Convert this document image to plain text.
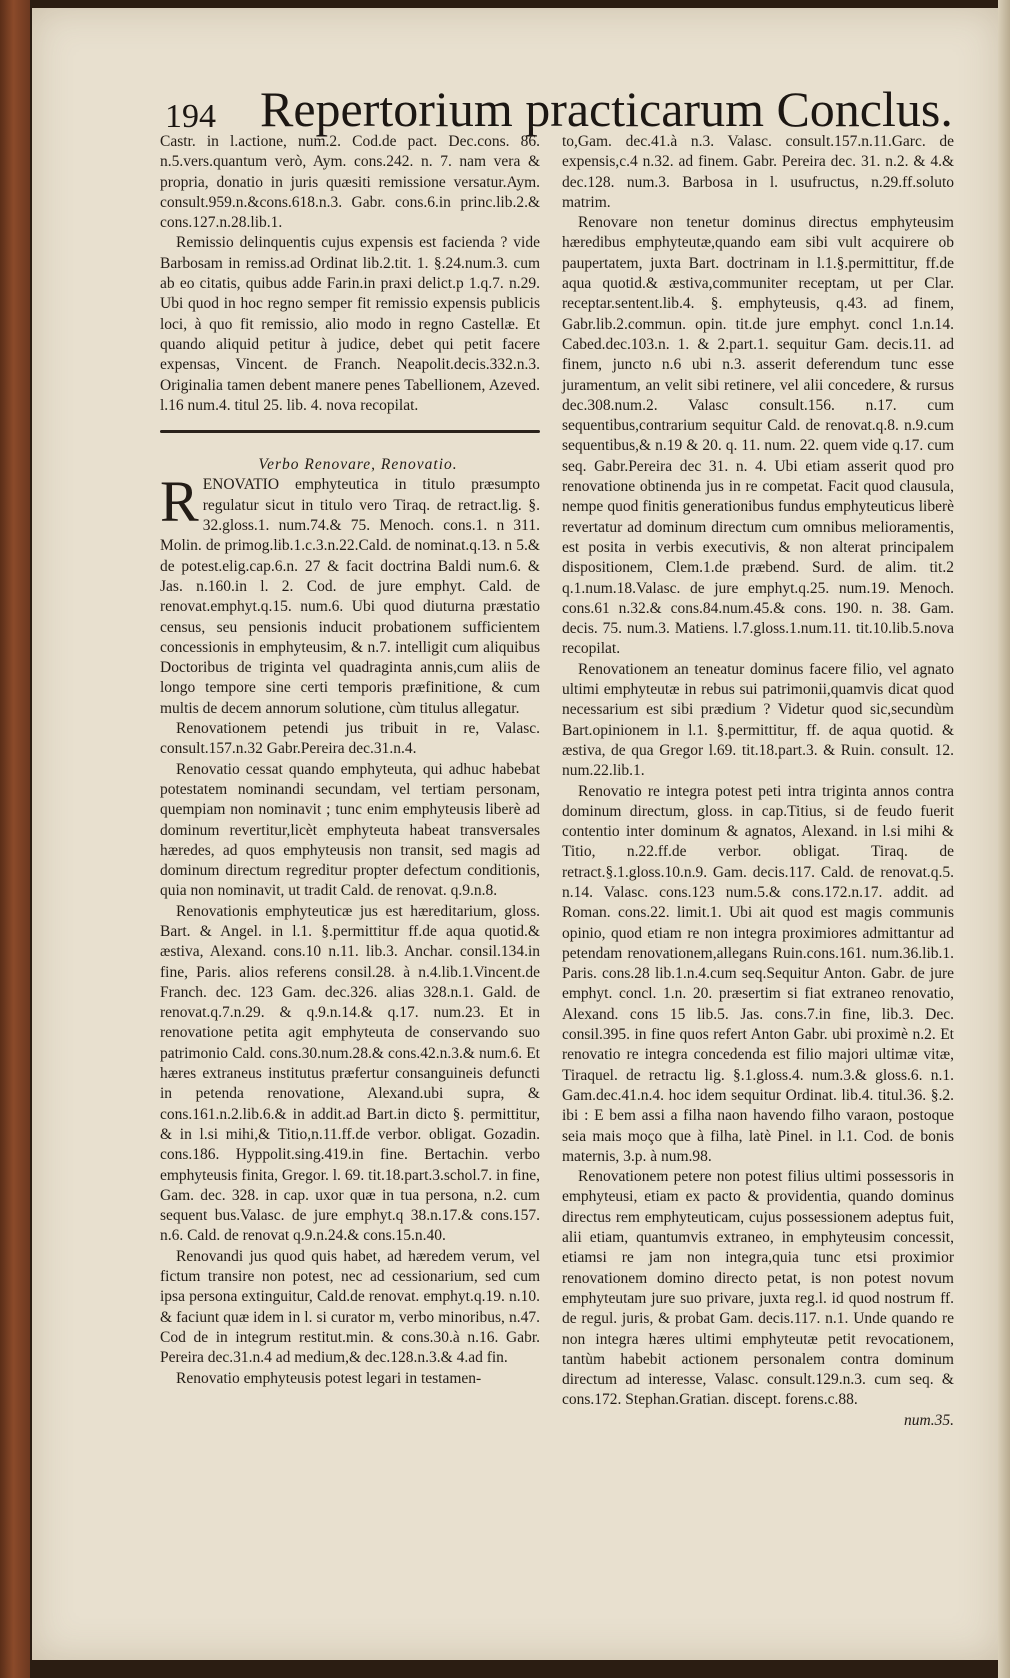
194 Repertorium practicarum Conclus.

Castr. in l.actione, num.2. Cod.de pact. Dec.cons. 86. n.5.vers.quantum verò, Aym. cons.242. n. 7. nam vera & propria, donatio in juris quæsiti remissione versatur.Aym. consult.959.n.&cons.618.n.3. Gabr. cons.6.in princ.lib.2.& cons.127.n.28.lib.1.

Remissio delinquentis cujus expensis est facienda ? vide Barbosam in remiss.ad Ordinat lib.2.tit. 1. §.24.num.3. cum ab eo citatis, quibus adde Farin.in praxi delict.p 1.q.7. n.29. Ubi quod in hoc regno semper fit remissio expensis publicis loci, à quo fit remissio, alio modo in regno Castellæ. Et quando aliquid petitur à judice, debet qui petit facere expensas, Vincent. de Franch. Neapolit.decis.332.n.3. Originalia tamen debent manere penes Tabellionem, Azeved. l.16 num.4. titul 25. lib. 4. nova recopilat.

Verbo Renovare, Renovatio.

RENOVATIO emphyteutica in titulo præsumpto regulatur sicut in titulo vero Tiraq. de retract.lig. §. 32.gloss.1. num.74.& 75. Menoch. cons.1. n 311. Molin. de primog.lib.1.c.3.n.22.Cald. de nominat.q.13. n 5.& de potest.elig.cap.6.n. 27 & facit doctrina Baldi num.6. & Jas. n.160.in l. 2. Cod. de jure emphyt. Cald. de renovat.emphyt.q.15. num.6. Ubi quod diuturna præstatio census, seu pensionis inducit probationem sufficientem concessionis in emphyteusim, & n.7. intelligit cum aliquibus Doctoribus de triginta vel quadraginta annis,cum aliis de longo tempore sine certi temporis præfinitione, & cum multis de decem annorum solutione, cùm titulus allegatur.

Renovationem petendi jus tribuit in re, Valasc. consult.157.n.32 Gabr.Pereira dec.31.n.4.

Renovatio cessat quando emphyteuta, qui adhuc habebat potestatem nominandi secundam, vel tertiam personam, quempiam non nominavit ; tunc enim emphyteusis liberè ad dominum revertitur,licèt emphyteuta habeat transversales hæredes, ad quos emphyteusis non transit, sed magis ad dominum directum regreditur propter defectum conditionis, quia non nominavit, ut tradit Cald. de renovat. q.9.n.8.

Renovationis emphyteuticæ jus est hæreditarium, gloss. Bart. & Angel. in l.1. §.permittitur ff.de aqua quotid.& æstiva, Alexand. cons.10 n.11. lib.3. Anchar. consil.134.in fine, Paris. alios referens consil.28. à n.4.lib.1.Vincent.de Franch. dec. 123 Gam. dec.326. alias 328.n.1. Gald. de renovat.q.7.n.29. & q.9.n.14.& q.17. num.23. Et in renovatione petita agit emphyteuta de conservando suo patrimonio Cald. cons.30.num.28.& cons.42.n.3.& num.6. Et hæres extraneus institutus præfertur consanguineis defuncti in petenda renovatione, Alexand.ubi supra, & cons.161.n.2.lib.6.& in addit.ad Bart.in dicto §. permittitur, & in l.si mihi,& Titio,n.11.ff.de verbor. obligat. Gozadin. cons.186. Hyppolit.sing.419.in fine. Bertachin. verbo emphyteusis finita, Gregor. l. 69. tit.18.part.3.schol.7. in fine, Gam. dec. 328. in cap. uxor quæ in tua persona, n.2. cum sequent bus.Valasc. de jure emphyt.q 38.n.17.& cons.157. n.6. Cald. de renovat q.9.n.24.& cons.15.n.40.

Renovandi jus quod quis habet, ad hæredem verum, vel fictum transire non potest, nec ad cessionarium, sed cum ipsa persona extinguitur, Cald.de renovat. emphyt.q.19. n.10. & faciunt quæ idem in l. si curator m, verbo minoribus, n.47. Cod de in integrum restitut.min. & cons.30.à n.16. Gabr. Pereira dec.31.n.4 ad medium,& dec.128.n.3.& 4.ad fin.

Renovatio emphyteusis potest legari in testamen-

to,Gam. dec.41.à n.3. Valasc. consult.157.n.11.Garc. de expensis,c.4 n.32. ad finem. Gabr. Pereira dec. 31. n.2. & 4.& dec.128. num.3. Barbosa in l. usufructus, n.29.ff.soluto matrim.

Renovare non tenetur dominus directus emphyteusim hæredibus emphyteutæ,quando eam sibi vult acquirere ob paupertatem, juxta Bart. doctrinam in l.1.§.permittitur, ff.de aqua quotid.& æstiva,communiter receptam, ut per Clar. receptar.sentent.lib.4. §. emphyteusis, q.43. ad finem, Gabr.lib.2.commun. opin. tit.de jure emphyt. concl 1.n.14. Cabed.dec.103.n. 1. & 2.part.1. sequitur Gam. decis.11. ad finem, juncto n.6 ubi n.3. asserit deferendum tunc esse juramentum, an velit sibi retinere, vel alii concedere, & rursus dec.308.num.2. Valasc consult.156. n.17. cum sequentibus,contrarium sequitur Cald. de renovat.q.8. n.9.cum sequentibus,& n.19 & 20. q. 11. num. 22. quem vide q.17. cum seq. Gabr.Pereira dec 31. n. 4. Ubi etiam asserit quod pro renovatione obtinenda jus in re competat. Facit quod clausula, nempe quod finitis generationibus fundus emphyteuticus liberè revertatur ad dominum directum cum omnibus melioramentis, est posita in verbis executivis, & non alterat principalem dispositionem, Clem.1.de præbend. Surd. de alim. tit.2 q.1.num.18.Valasc. de jure emphyt.q.25. num.19. Menoch. cons.61 n.32.& cons.84.num.45.& cons. 190. n. 38. Gam. decis. 75. num.3. Matiens. l.7.gloss.1.num.11. tit.10.lib.5.nova recopilat.

Renovationem an teneatur dominus facere filio, vel agnato ultimi emphyteutæ in rebus sui patrimonii,quamvis dicat quod necessarium est sibi prædium ? Videtur quod sic,secundùm Bart.opinionem in l.1. §.permittitur, ff. de aqua quotid. & æstiva, de qua Gregor l.69. tit.18.part.3. & Ruin. consult. 12. num.22.lib.1.

Renovatio re integra potest peti intra triginta annos contra dominum directum, gloss. in cap.Titius, si de feudo fuerit contentio inter dominum & agnatos, Alexand. in l.si mihi & Titio, n.22.ff.de verbor. obligat. Tiraq. de retract.§.1.gloss.10.n.9. Gam. decis.117. Cald. de renovat.q.5. n.14. Valasc. cons.123 num.5.& cons.172.n.17. addit. ad Roman. cons.22. limit.1. Ubi ait quod est magis communis opinio, quod etiam re non integra proximiores admittantur ad petendam renovationem,allegans Ruin.cons.161. num.36.lib.1. Paris. cons.28 lib.1.n.4.cum seq.Sequitur Anton. Gabr. de jure emphyt. concl. 1.n. 20. præsertim si fiat extraneo renovatio, Alexand. cons 15 lib.5. Jas. cons.7.in fine, lib.3. Dec. consil.395. in fine quos refert Anton Gabr. ubi proximè n.2. Et renovatio re integra concedenda est filio majori ultimæ vitæ, Tiraquel. de retractu lig. §.1.gloss.4. num.3.& gloss.6. n.1. Gam.dec.41.n.4. hoc idem sequitur Ordinat. lib.4. titul.36. §.2. ibi : E bem assi a filha naon havendo filho varaon, postoque seia mais moço que à filha, latè Pinel. in l.1. Cod. de bonis maternis, 3.p. à num.98.

Renovationem petere non potest filius ultimi possessoris in emphyteusi, etiam ex pacto & providentia, quando dominus directus rem emphyteuticam, cujus possessionem adeptus fuit, alii etiam, quantumvis extraneo, in emphyteusim concessit, etiamsi re jam non integra,quia tunc etsi proximior renovationem domino directo petat, is non potest novum emphyteutam jure suo privare, juxta reg.l. id quod nostrum ff. de regul. juris, & probat Gam. decis.117. n.1. Unde quando re non integra hæres ultimi emphyteutæ petit revocationem, tantùm habebit actionem personalem contra dominum directum ad interesse, Valasc. consult.129.n.3. cum seq. & cons.172. Stephan.Gratian. discept. forens.c.88.

num.35.
